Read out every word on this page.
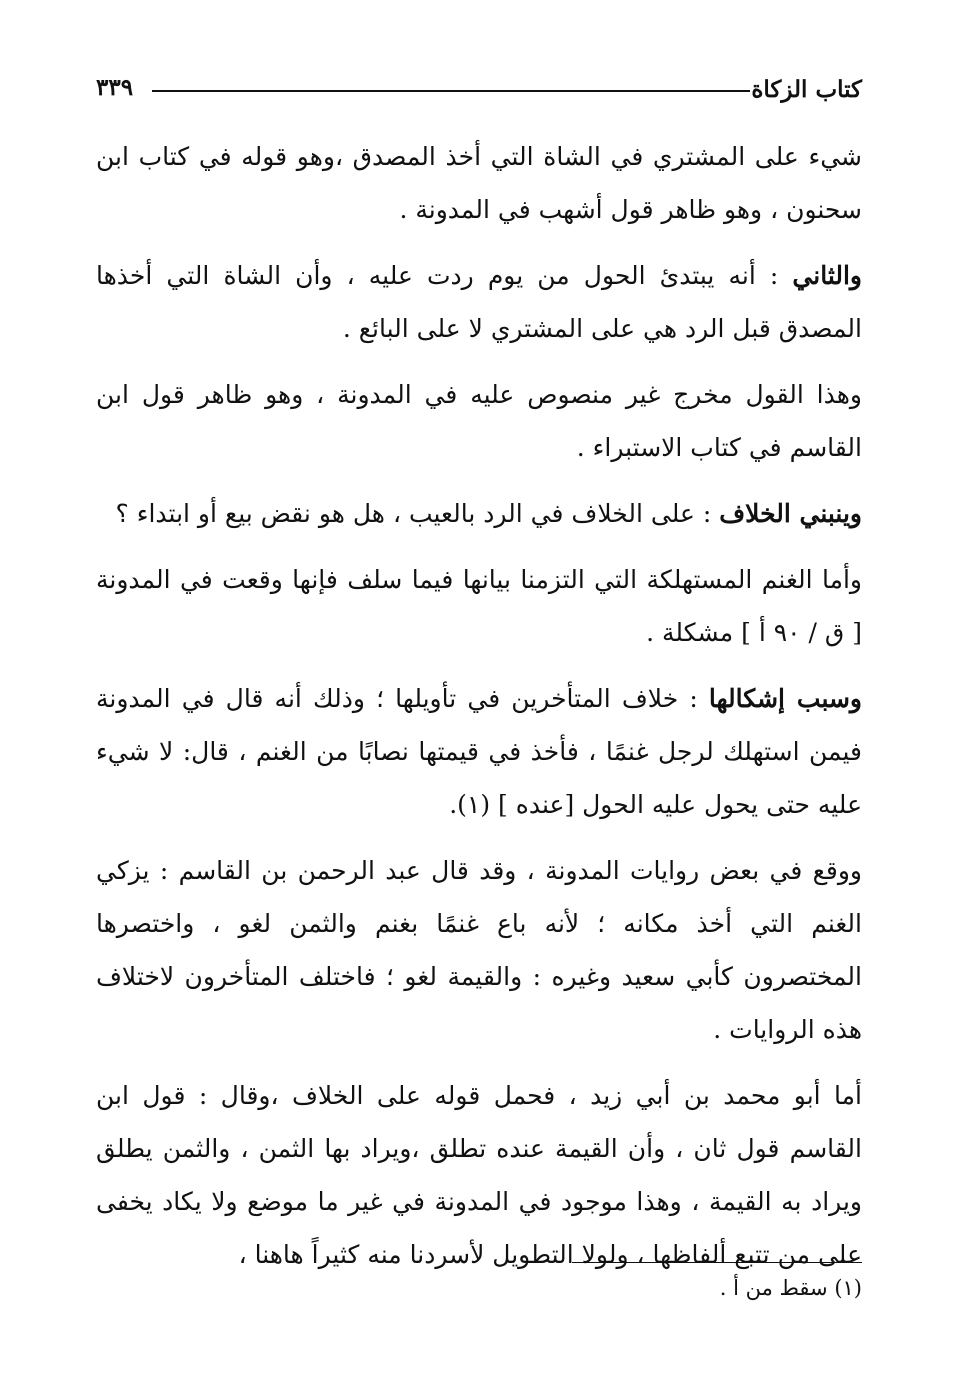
كتاب الزكاة
٣٣٩

شيء على المشتري في الشاة التي أخذ المصدق ،وهو قوله في كتاب ابن سحنون ، وهو ظاهر قول أشهب في المدونة .

والثاني : أنه يبتدئ الحول من يوم ردت عليه ، وأن الشاة التي أخذها المصدق قبل الرد هي على المشتري لا على البائع .

وهذا القول مخرج غير منصوص عليه في المدونة ، وهو ظاهر قول ابن القاسم في كتاب الاستبراء .

وينبني الخلاف : على الخلاف في الرد بالعيب ، هل هو نقض بيع أو ابتداء ؟

وأما الغنم المستهلكة التي التزمنا بيانها فيما سلف فإنها وقعت في المدونة [ ق / ٩٠ أ ] مشكلة .

وسبب إشكالها : خلاف المتأخرين في تأويلها ؛ وذلك أنه قال في المدونة فيمن استهلك لرجل غنمًا ، فأخذ في قيمتها نصابًا من الغنم ، قال: لا شيء عليه حتى يحول عليه الحول [عنده ] (١).

ووقع في بعض روايات المدونة ، وقد قال عبد الرحمن بن القاسم : يزكي الغنم التي أخذ مكانه ؛ لأنه باع غنمًا بغنم والثمن لغو ، واختصرها المختصرون كأبي سعيد وغيره : والقيمة لغو ؛ فاختلف المتأخرون لاختلاف هذه الروايات .

أما أبو محمد بن أبي زيد ، فحمل قوله على الخلاف ،وقال : قول ابن القاسم قول ثان ، وأن القيمة عنده تطلق ،ويراد بها الثمن ، والثمن يطلق ويراد به القيمة ، وهذا موجود في المدونة في غير ما موضع ولا يكاد يخفى على من تتبع ألفاظها ، ولولا التطويل لأسردنا منه كثيراً هاهنا ،

(١) سقط من أ .
